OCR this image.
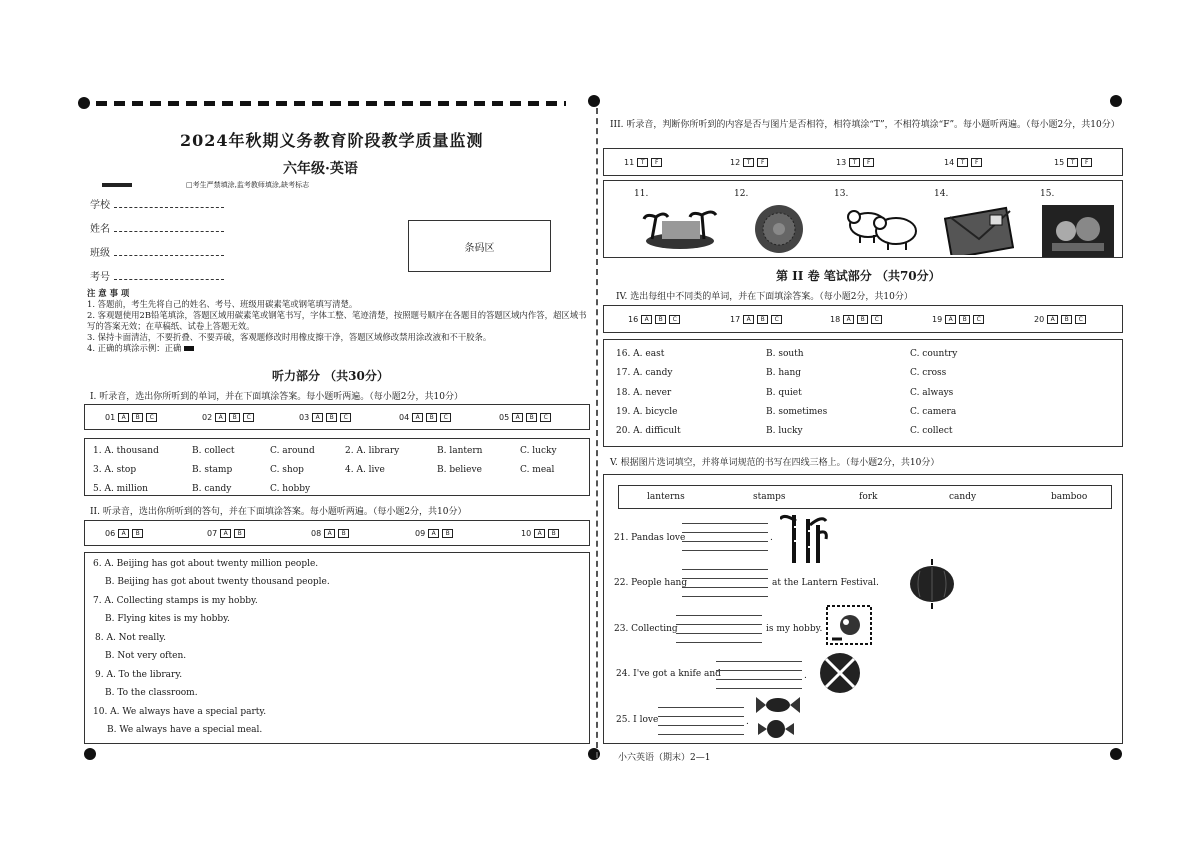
2024年秋期义务教育阶段教学质量监测
六年级·英语
□考生严禁填涂,监考教师填涂,缺考标志
学校
姓名
班级
考号
条码区
注 意 事 项
1. 答题前，考生先将自己的姓名、考号、班级用碳素笔或钢笔填写清楚。
2. 客观题使用2B铅笔填涂，答题区域用碳素笔或钢笔书写，字体工整、笔迹清楚，按照题号顺序在各题目的答题区域内作答，超区域书写的答案无效；在草稿纸、试卷上答题无效。
3. 保持卡面清洁，不要折叠、不要弄破，客观题修改时用橡皮擦干净，答题区域修改禁用涂改液和不干胶条。
4. 正确的填涂示例：正确
听力部分 （共30分）
I. 听录音，选出你所听到的单词，并在下面填涂答案。每小题听两遍。（每小题2分，共10分）
01 A B C	02 A B C	03 A B C	04 A B C	05 A B C
1. A. thousand	B. collect	C. around	2. A. library	B. lantern	C. lucky
3. A. stop	B. stamp	C. shop	4. A. live	B. believe	C. meal
5. A. million	B. candy	C. hobby
II. 听录音，选出你所听到的答句，并在下面填涂答案。每小题听两遍。（每小题2分，共10分）
06 A B	07 A B	08 A B	09 A B	10 A B
6. A. Beijing has got about twenty million people.
B. Beijing has got about twenty thousand people.
7. A. Collecting stamps is my hobby.
B. Flying kites is my hobby.
8. A. Not really.
B. Not very often.
9. A. To the library.
B. To the classroom.
10. A. We always have a special party.
B. We always have a special meal.
III. 听录音，判断你所听到的内容是否与图片是否相符，相符填涂“T”，不相符填涂“F”。每小题听两遍。（每小题2分，共10分）
11 T F	12 T F	13 T F	14 T F	15 T F
11.	12.	13.	14.	15.
第 II 卷 笔试部分 （共70分）
IV. 选出每组中不同类的单词，并在下面填涂答案。（每小题2分，共10分）
16 A B C	17 A B C	18 A B C	19 A B C	20 A B C
16. A. east	B. south	C. country
17. A. candy	B. hang	C. cross
18. A. never	B. quiet	C. always
19. A. bicycle	B. sometimes	C. camera
20. A. difficult	B. lucky	C. collect
V. 根据图片选词填空，并将单词规范的书写在四线三格上。（每小题2分，共10分）
lanterns	stamps	fork	candy	bamboo
21. Pandas love	.
22. People hang	at the Lantern Festival.
23. Collecting	is my hobby.
24. I've got a knife and	.
25. I love	.
小六英语（期末）2—1
